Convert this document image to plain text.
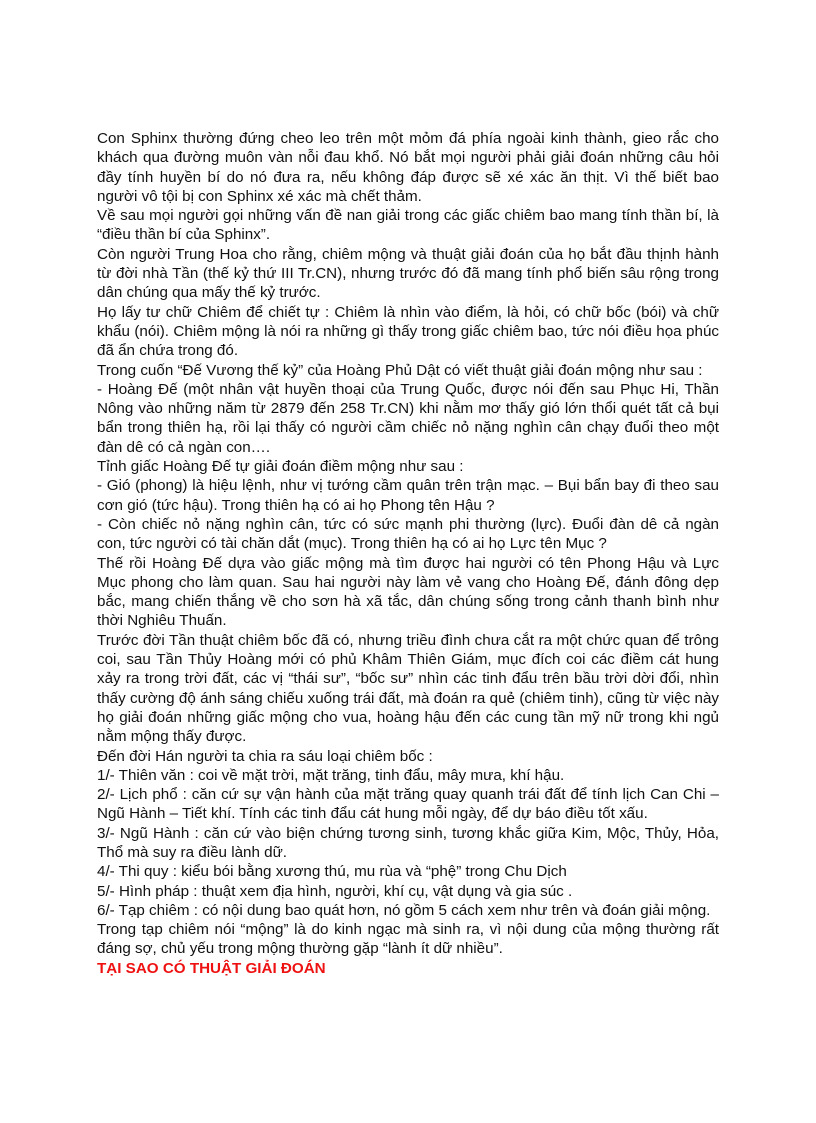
Con Sphinx thường đứng cheo leo trên một mỏm đá phía ngoài kinh thành, gieo rắc cho khách qua đường muôn vàn nỗi đau khổ. Nó bắt mọi người phải giải đoán những câu hỏi đầy tính huyền bí do nó đưa ra, nếu không đáp được sẽ xé xác ăn thịt. Vì thế biết bao người vô tội bị con Sphinx xé xác mà chết thảm.

Về sau mọi người gọi những vấn đề nan giải trong các giấc chiêm bao mang tính thần bí, là “điều thần bí của Sphinx”.

Còn người Trung Hoa cho rằng, chiêm mộng và thuật giải đoán của họ bắt đầu thịnh hành từ đời nhà Tần (thế kỷ thứ III Tr.CN), nhưng trước đó đã mang tính phổ biến sâu rộng trong dân chúng qua mấy thế kỷ trước.

Họ lấy tư chữ Chiêm để chiết tự : Chiêm là nhìn vào điểm, là hỏi, có chữ bốc (bói) và chữ khẩu (nói). Chiêm mộng là nói ra những gì thấy trong giấc chiêm bao, tức nói điều họa phúc đã ẩn chứa trong đó.

Trong cuốn “Đế Vương thế kỷ” của Hoàng Phủ Dật có viết thuật giải đoán mộng như sau :

- Hoàng Đế (một nhân vật huyền thoại của Trung Quốc, được nói đến sau Phục Hi, Thần Nông vào những năm từ 2879 đến 258 Tr.CN) khi nằm mơ thấy gió lớn thổi quét tất cả bụi bẩn trong thiên hạ, rồi lại thấy có người cầm chiếc nỏ nặng nghìn cân chạy đuổi theo một đàn dê có cả ngàn con….

Tỉnh giấc Hoàng Đế tự giải đoán điềm mộng như sau :

- Gió (phong) là hiệu lệnh, như vị tướng cầm quân trên trận mạc. – Bụi bẩn bay đi theo sau cơn gió (tức hậu). Trong thiên hạ có ai họ Phong tên Hậu ?

- Còn chiếc nỏ nặng nghìn cân, tức có sức mạnh phi thường (lực). Đuổi đàn dê cả ngàn con, tức người có tài chăn dắt (mục). Trong thiên hạ có ai họ Lực tên Mục ?

Thế rồi Hoàng Đế dựa vào giấc mộng mà tìm được hai người có tên Phong Hậu và Lực Mục phong cho làm quan. Sau hai người này làm vẻ vang cho Hoàng Đế, đánh đông dẹp bắc, mang chiến thắng về cho sơn hà xã tắc, dân chúng sống trong cảnh thanh bình như thời Nghiêu Thuấn.

Trước đời Tần thuật chiêm bốc đã có, nhưng triều đình chưa cắt ra một chức quan để trông coi, sau Tần Thủy Hoàng mới có phủ Khâm Thiên Giám, mục đích coi các điềm cát hung xảy ra trong trời đất, các vị “thái sư”, “bốc sư” nhìn các tinh đẩu trên bầu trời dời đổi, nhìn thấy cường độ ánh sáng chiếu xuống trái đất, mà đoán ra quẻ (chiêm tinh), cũng từ việc này họ giải đoán những giấc mộng cho vua, hoàng hậu đến các cung tần mỹ nữ trong khi ngủ nằm mộng thấy được.

Đến đời Hán người ta chia ra sáu loại chiêm bốc :

1/- Thiên văn : coi về mặt trời, mặt trăng, tinh đẩu, mây mưa, khí hậu.

2/- Lịch phổ : căn cứ sự vận hành của mặt trăng quay quanh trái đất để tính lịch Can Chi – Ngũ Hành – Tiết khí. Tính các tinh đẩu cát hung mỗi ngày, để dự báo điều tốt xấu.

3/- Ngũ Hành : căn cứ vào biện chứng tương sinh, tương khắc giữa Kim, Mộc, Thủy, Hỏa, Thổ mà suy ra điều lành dữ.

4/- Thi quy : kiểu bói bằng xương thú, mu rùa và “phệ” trong Chu Dịch

5/- Hình pháp : thuật xem địa hình, người, khí cụ, vật dụng và gia súc .

6/- Tạp chiêm : có nội dung bao quát hơn, nó gồm 5 cách xem như trên và đoán giải mộng.

Trong tạp chiêm nói “mộng” là do kinh ngạc mà sinh ra, vì nội dung của mộng thường rất đáng sợ, chủ yếu trong mộng thường gặp “lành ít dữ nhiều”.

TẠI SAO CÓ THUẬT GIẢI ĐOÁN
